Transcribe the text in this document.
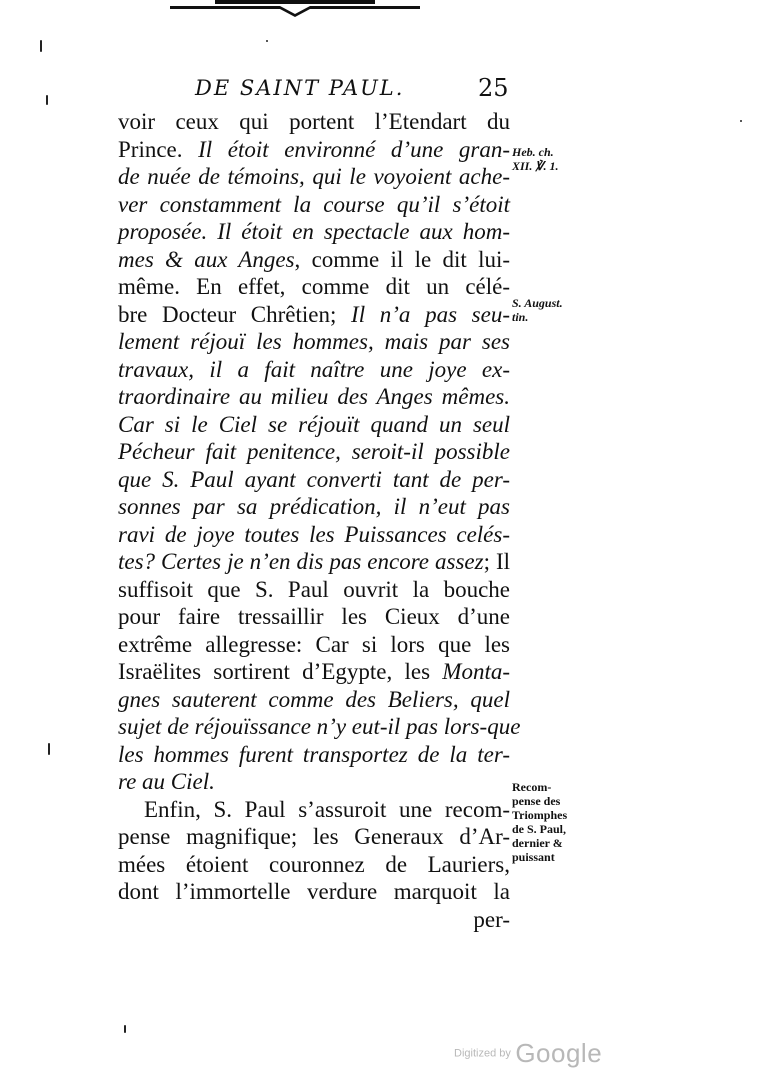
DE SAINT PAUL.	25
voir ceux qui portent l’Etendart du
Prince. Il étoit environné d’une gran-
de nuée de témoins, qui le voyoient ache-
ver constamment la course qu’il s’étoit
proposée. Il étoit en spectacle aux hom-
mes & aux Anges, comme il le dit lui-
même. En effet, comme dit un célé-
bre Docteur Chrêtien; Il n’a pas seu-
lement réjouï les hommes, mais par ses
travaux, il a fait naître une joye ex-
traordinaire au milieu des Anges mêmes.
Car si le Ciel se réjouït quand un seul
Pécheur fait penitence, seroit-il possible
que S. Paul ayant converti tant de per-
sonnes par sa prédication, il n’eut pas
ravi de joye toutes les Puissances celés-
tes? Certes je n’en dis pas encore assez; Il
suffisoit que S. Paul ouvrit la bouche
pour faire tressaillir les Cieux d’une
extrême allegresse: Car si lors que les
Israëlites sortirent d’Egypte, les Monta-
gnes sauterent comme des Beliers, quel
sujet de réjouïssance n’y eut-il pas lors-que
les hommes furent transportez de la ter-
re au Ciel.
Enfin, S. Paul s’assuroit une recom-
pense magnifique; les Generaux d’Ar-
mées étoient couronnez de Lauriers,
dont l’immortelle verdure marquoit la
per-
Heb. ch.
XII. ℣. 1.
S. August.
tin.
Recom-
pense des
Triomphes
de S. Paul,
dernier &
puissant
Digitized by Google
